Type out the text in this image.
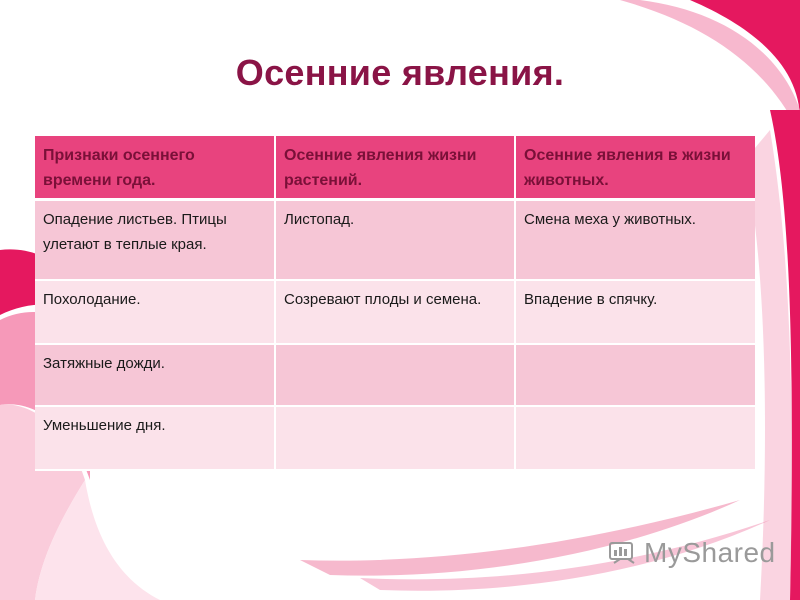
Осенние явления.
Признаки осеннего времени года.	Осенние явления жизни растений.	Осенние явления в жизни животных.
Опадение листьев. Птицы улетают в теплые края.	Листопад.	Смена меха у животных.
Похолодание.	Созревают плоды и семена.	Впадение в спячку.
Затяжные дожди.		
Уменьшение дня.		
MyShared
